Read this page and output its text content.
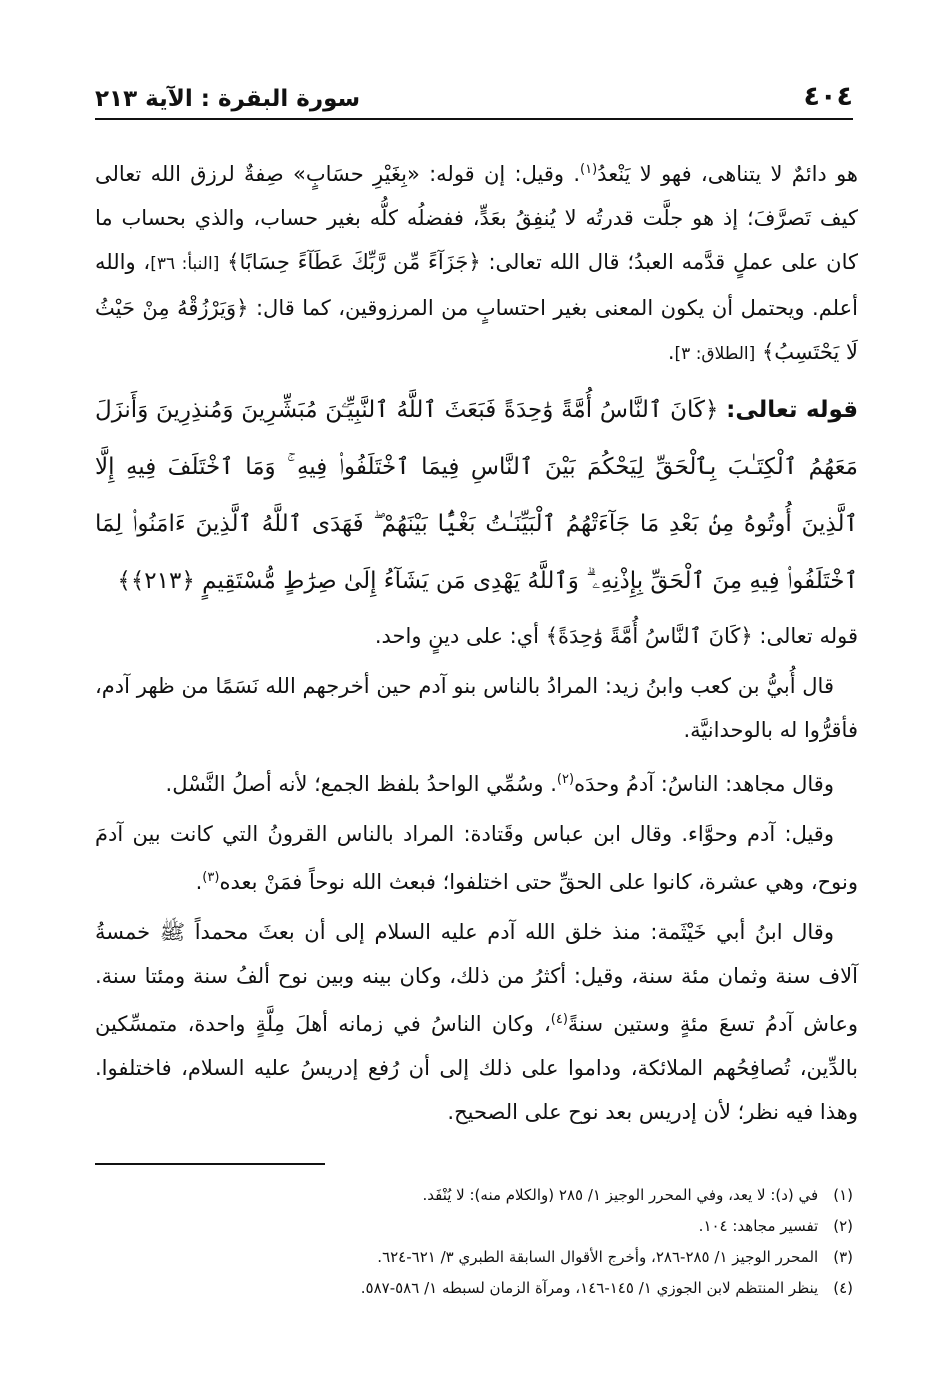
٤٠٤
سورة البقرة : الآية ٢١٣

هو دائمٌ لا يتناهى، فهو لا يَنْعدُ$^{(١)}$. وقيل: إن قوله: «بِغَيْرِ حسَابٍ» صِفةٌ لرزق الله تعالى كيف تَصرَّفَ؛ إذ هو جلَّت قدرتُه لا يُنفِقُ بعَدٍّ، ففضلُه كلُّه بغير حساب، والذي بحساب ما كان على عملٍ قدَّمه العبدُ؛ قال الله تعالى: ﴿جَزَآءً مِّن رَّبِّكَ عَطَآءً حِسَابًا﴾ [النبأ: ٣٦]، والله أعلم. ويحتمل أن يكون المعنى بغير احتسابٍ من المرزوقين، كما قال: ﴿وَيَرْزُقْهُ مِنْ حَيْثُ لَا يَحْتَسِبُ﴾ [الطلاق: ٣].

قوله تعالى: ﴿كَانَ ٱلنَّاسُ أُمَّةً وَٰحِدَةً فَبَعَثَ ٱللَّهُ ٱلنَّبِيِّـۧنَ مُبَشِّرِينَ وَمُنذِرِينَ وَأَنزَلَ مَعَهُمُ ٱلْكِتَـٰبَ بِٱلْحَقِّ لِيَحْكُمَ بَيْنَ ٱلنَّاسِ فِيمَا ٱخْتَلَفُوا۟ فِيهِ ۚ وَمَا ٱخْتَلَفَ فِيهِ إِلَّا ٱلَّذِينَ أُوتُوهُ مِنۢ بَعْدِ مَا جَآءَتْهُمُ ٱلْبَيِّنَـٰتُ بَغْيًۢا بَيْنَهُمْ ۖ فَهَدَى ٱللَّهُ ٱلَّذِينَ ءَامَنُوا۟ لِمَا ٱخْتَلَفُوا۟ فِيهِ مِنَ ٱلْحَقِّ بِإِذْنِهِۦ ۗ وَٱللَّهُ يَهْدِى مَن يَشَآءُ إِلَىٰ صِرَٰطٍ مُّسْتَقِيمٍ ﴿٢١٣﴾﴾

قوله تعالى: ﴿كَانَ ٱلنَّاسُ أُمَّةً وَٰحِدَةً﴾ أي: على دينٍ واحد.

قال أُبيُّ بن كعب وابنُ زيد: المرادُ بالناس بنو آدم حين أخرجهم الله نَسَمًا من ظهر آدم، فأقرُّوا له بالوحدانيَّة.

وقال مجاهد: الناسُ: آدمُ وحدَه$^{(٢)}$. وسُمِّي الواحدُ بلفظ الجمع؛ لأنه أصلُ النَّسْل.

وقيل: آدم وحوَّاء. وقال ابن عباس وقَتادة: المراد بالناس القرونُ التي كانت بين آدمَ ونوح، وهي عشرة، كانوا على الحقِّ حتى اختلفوا؛ فبعث الله نوحاً فمَنْ بعده$^{(٣)}$.

وقال ابنُ أبي خَيْثَمة: منذ خلق الله آدم عليه السلام إلى أن بعثَ محمداً ﷺ خمسةُ آلاف سنة وثمان مئة سنة، وقيل: أكثرُ من ذلك، وكان بينه وبين نوح ألفُ سنة ومئتا سنة. وعاش آدمُ تسعَ مئةٍ وستين سنةً$^{(٤)}$، وكان الناسُ في زمانه أهلَ مِلَّةٍ واحدة، متمسِّكين بالدِّين، تُصافِحُهم الملائكة، وداموا على ذلك إلى أن رُفع إدريسُ عليه السلام، فاختلفوا. وهذا فيه نظر؛ لأن إدريس بعد نوح على الصحيح.

(١) في (د): لا يعد، وفي المحرر الوجيز ١/ ٢٨٥ (والكلام منه): لا يُنْفَد.

(٢) تفسير مجاهد: ١٠٤.

(٣) المحرر الوجيز ١/ ٢٨٥-٢٨٦، وأخرج الأقوال السابقة الطبري ٣/ ٦٢١-٦٢٤.

(٤) ينظر المنتظم لابن الجوزي ١/ ١٤٥-١٤٦، ومرآة الزمان لسبطه ١/ ٥٨٦-٥٨٧.
